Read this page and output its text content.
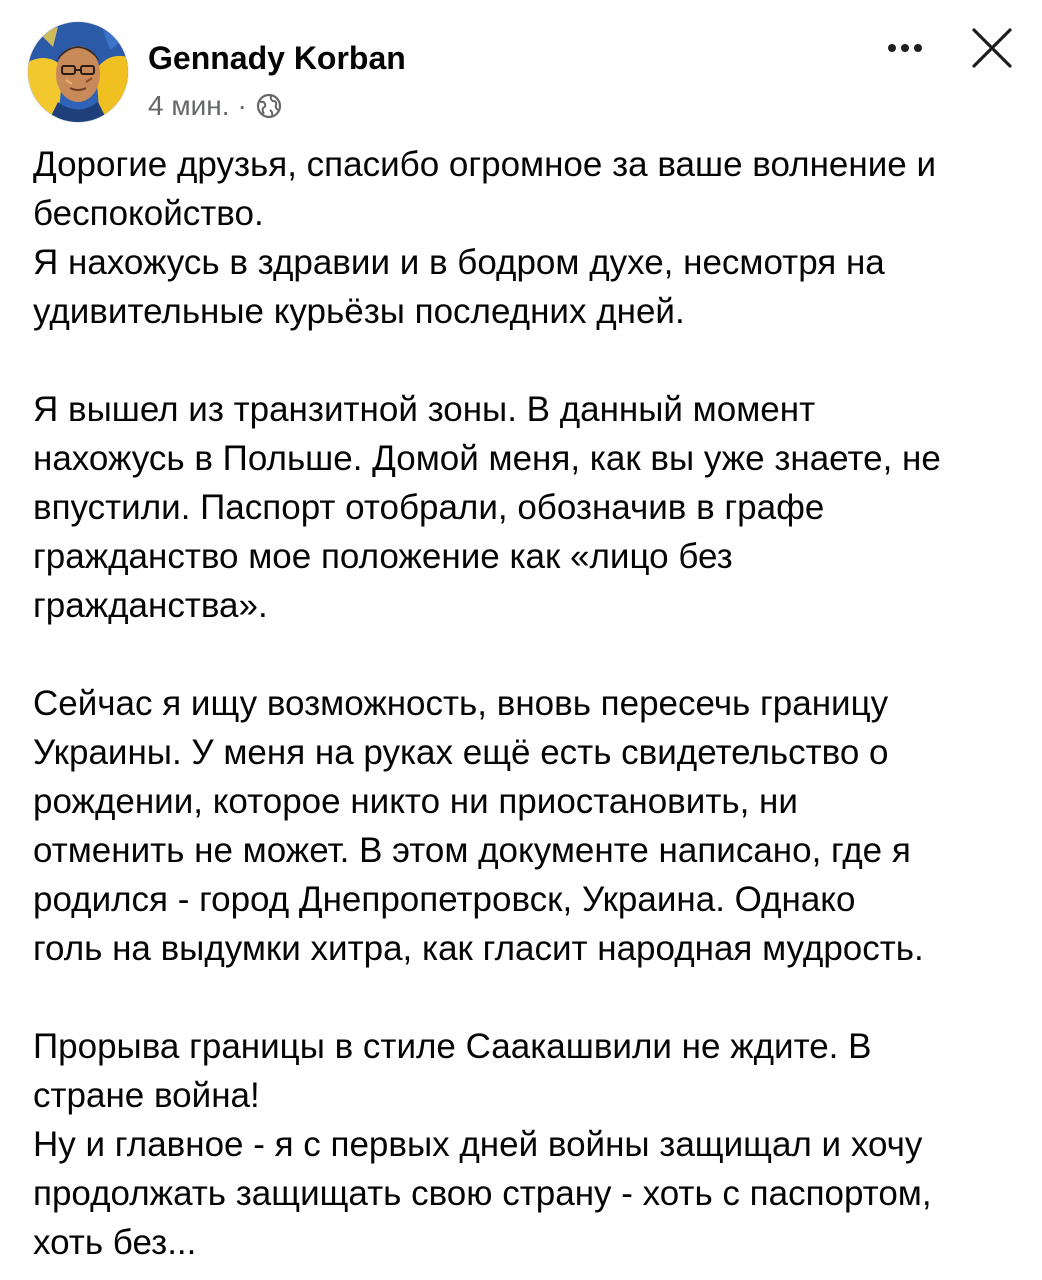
Gennady Korban
4 мин. ·
Дорогие друзья, спасибо огромное за ваше волнение и
беспокойство.
Я нахожусь в здравии и в бодром духе, несмотря на
удивительные курьёзы последних дней.
Я вышел из транзитной зоны. В данный момент
нахожусь в Польше. Домой меня, как вы уже знаете, не
впустили. Паспорт отобрали, обозначив в графе
гражданство мое положение как «лицо без
гражданства».
Сейчас я ищу возможность, вновь пересечь границу
Украины. У меня на руках ещё есть свидетельство о
рождении, которое никто ни приостановить, ни
отменить не может. В этом документе написано, где я
родился - город Днепропетровск, Украина. Однако
голь на выдумки хитра, как гласит народная мудрость.
Прорыва границы в стиле Саакашвили не ждите. В
стране война!
Ну и главное - я с первых дней войны защищал и хочу
продолжать защищать свою страну - хоть с паспортом,
хоть без...
